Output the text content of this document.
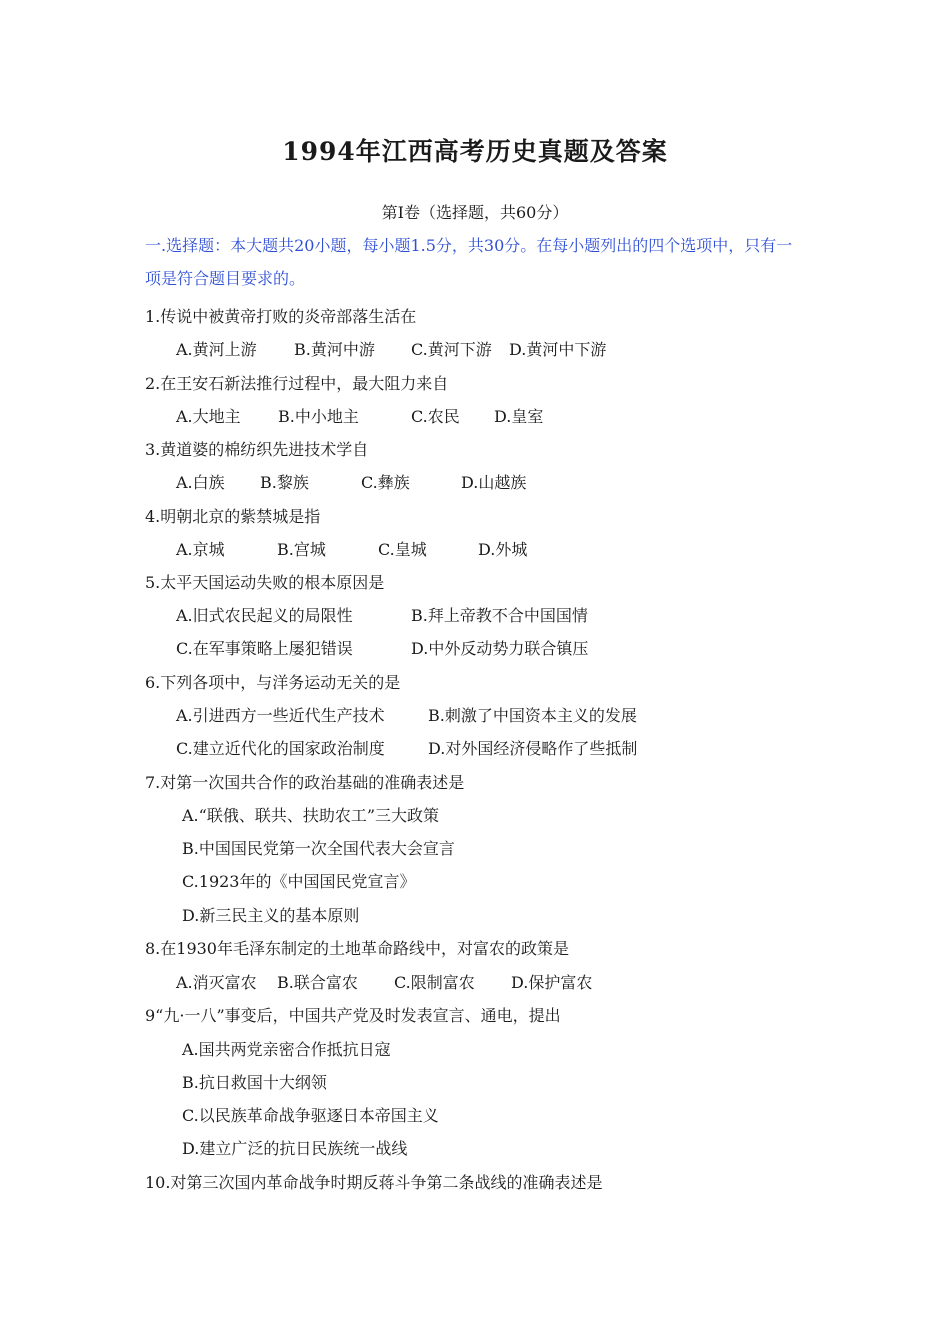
1994年江西高考历史真题及答案
第Ⅰ卷（选择题，共60分）
一.选择题：本大题共20小题，每小题1.5分，共30分。在每小题列出的四个选项中，只有一项是符合题目要求的。
1.传说中被黄帝打败的炎帝部落生活在
A.黄河上游 B.黄河中游 C.黄河下游 D.黄河中下游
2.在王安石新法推行过程中，最大阻力来自
A.大地主 B.中小地主	C.农民 D.皇室
3.黄道婆的棉纺织先进技术学自
A.白族 B.黎族	C.彝族	D.山越族
4.明朝北京的紫禁城是指
A.京城	B.宫城	C.皇城	D.外城
5.太平天国运动失败的根本原因是
A.旧式农民起义的局限性	B.拜上帝教不合中国国情
C.在军事策略上屡犯错误	D.中外反动势力联合镇压
6.下列各项中，与洋务运动无关的是
A.引进西方一些近代生产技术	B.刺激了中国资本主义的发展
C.建立近代化的国家政治制度	D.对外国经济侵略作了些抵制
7.对第一次国共合作的政治基础的准确表述是
A.“联俄、联共、扶助农工”三大政策
B.中国国民党第一次全国代表大会宣言
C.1923年的《中国国民党宣言》
D.新三民主义的基本原则
8.在1930年毛泽东制定的土地革命路线中，对富农的政策是
A.消灭富农 B.联合富农 C.限制富农 D.保护富农
9“九·一八”事变后，中国共产党及时发表宣言、通电，提出
A.国共两党亲密合作抵抗日寇
B.抗日救国十大纲领
C.以民族革命战争驱逐日本帝国主义
D.建立广泛的抗日民族统一战线
10.对第三次国内革命战争时期反蒋斗争第二条战线的准确表述是
